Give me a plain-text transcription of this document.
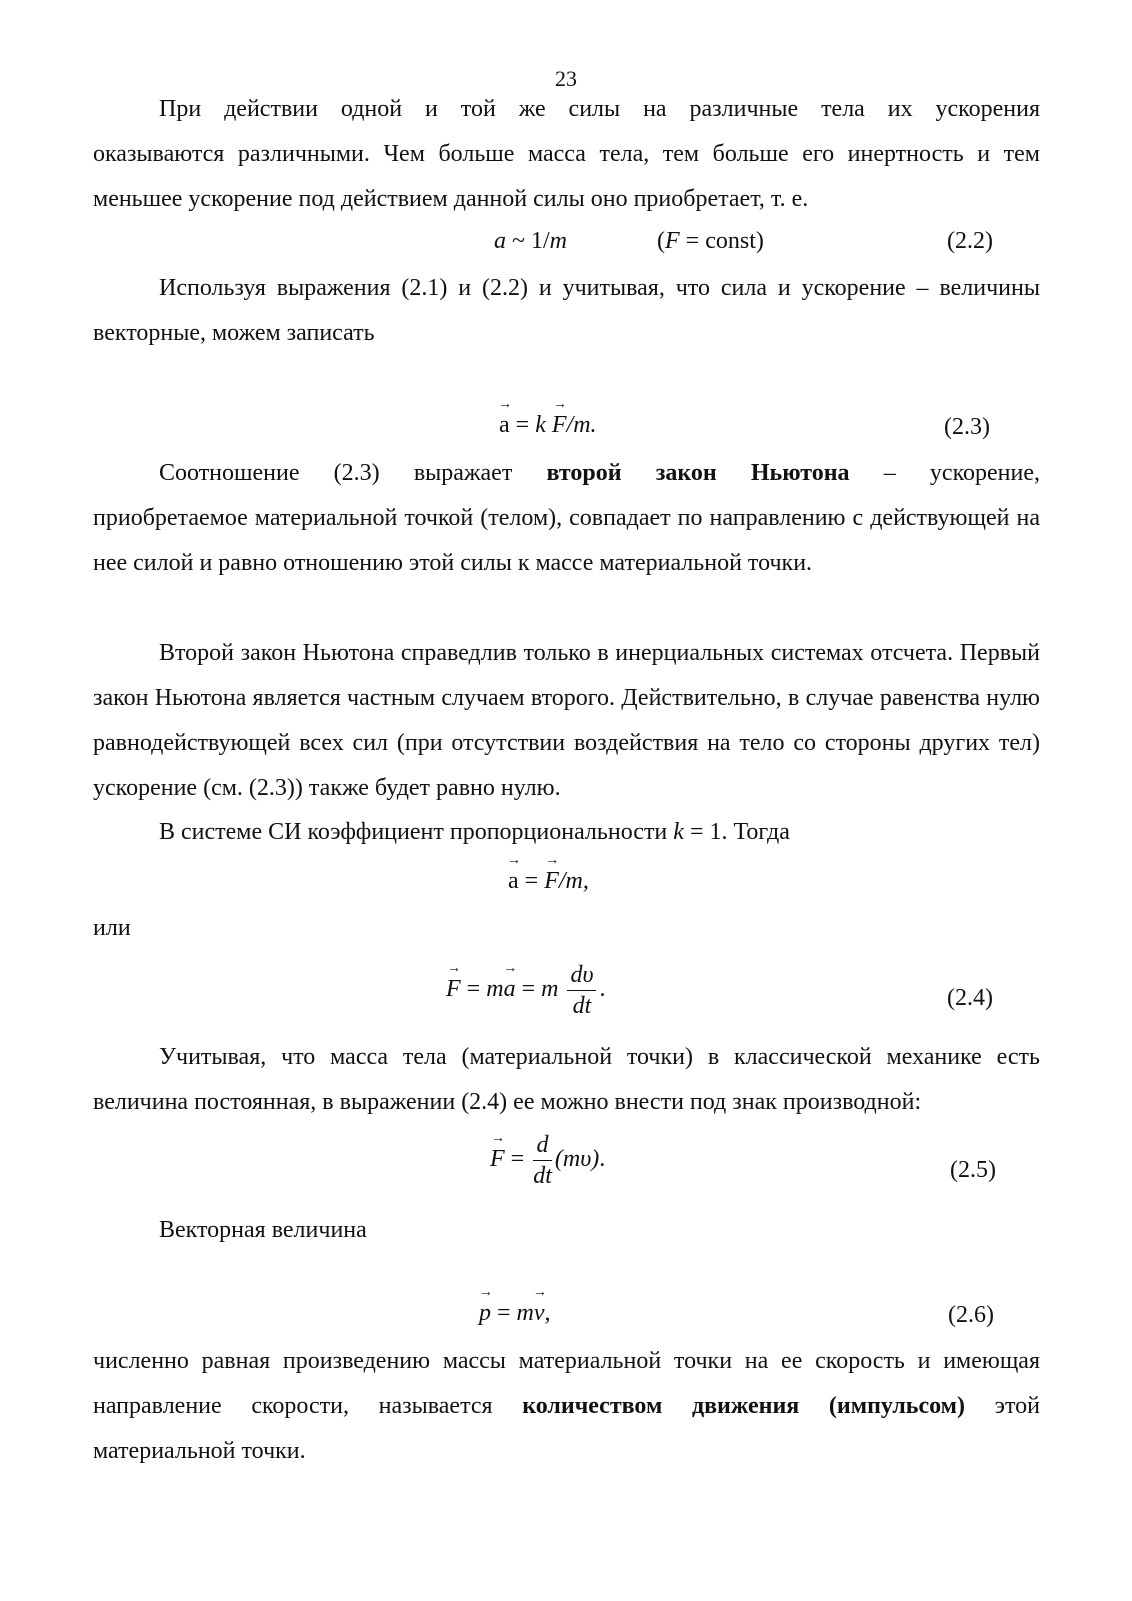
23
При действии одной и той же силы на различные тела их ускорения
оказываются различными. Чем больше масса тела, тем больше его инертность и тем меньшее ускорение под действием данной силы оно приобретает, т. е.
a ~ 1/m	(F = const)	(2.2)
Используя выражения (2.1) и (2.2) и учитывая, что сила и ускорение – величины векторные, можем записать
a → = k F →/m.	(2.3)
Соотношение (2.3) выражает второй закон Ньютона – ускорение,
приобретаемое материальной точкой (телом), совпадает по направлению с действующей на нее силой и равно отношению этой силы к массе материальной точки.
Второй закон Ньютона справедлив только в инерциальных системах отсчета. Первый закон Ньютона является частным случаем второго. Действительно, в случае равенства нулю равнодействующей всех сил (при отсутствии воздействия на тело со стороны других тел) ускорение (см. (2.3)) также будет равно нулю.
В системе СИ коэффициент пропорциональности k = 1. Тогда
a → = F →/m,
или
F → = ma → = m $\frac{d\upsilon}{dt}$ .	(2.4)
Учитывая, что масса тела (материальной точки) в классической механике есть величина постоянная, в выражении (2.4) ее можно внести под знак производной:
F → = $\frac{d}{dt} (m\upsilon)$.	(2.5)
Векторная величина
p → = mv →,	(2.6)
численно равная произведению массы материальной точки на ее скорость и имеющая направление скорости, называется количеством движения (импульсом) этой материальной точки.
